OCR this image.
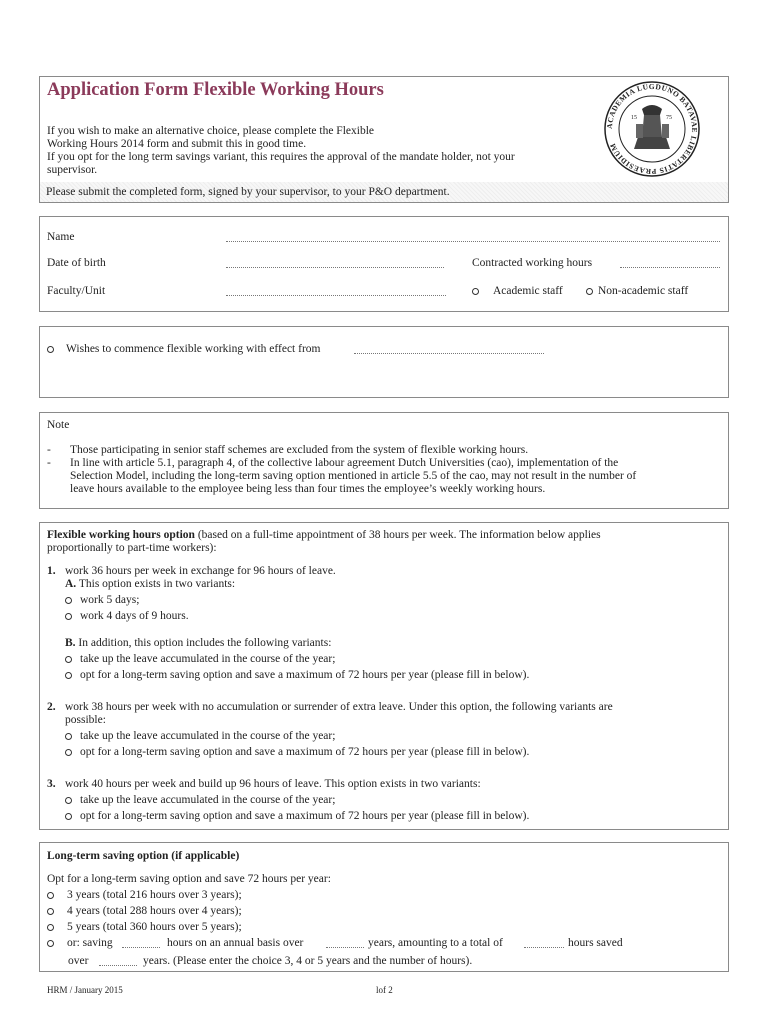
Application Form Flexible Working Hours

If you wish to make an alternative choice, please complete the Flexible

Working Hours 2014 form and submit this in good time.

If you opt for the long term savings variant, this requires the approval of the mandate holder, not your

supervisor.

Please submit the completed form, signed by your supervisor, to your P&O department.
ACADEMIA LUGDUNO BATAVAE LIBERTATIS PRAESIDIUM
15	75
Name
Date of birth	Contracted working hours
Faculty/Unit	Academic staff	Non-academic staff
Wishes to commence flexible working with effect from
Note
- Those participating in senior staff schemes are excluded from the system of flexible working hours.
- In line with article 5.1, paragraph 4, of the collective labour agreement Dutch Universities (cao), implementation of the
Selection Model, including the long-term saving option mentioned in article 5.5 of the cao, may not result in the number of
leave hours available to the employee being less than four times the employee’s weekly working hours.
Flexible working hours option (based on a full-time appointment of 38 hours per week. The information below applies
proportionally to part-time workers):
1. work 36 hours per week in exchange for 96 hours of leave.
A. This option exists in two variants:
work 5 days;
work 4 days of 9 hours.
B. In addition, this option includes the following variants:
take up the leave accumulated in the course of the year;
opt for a long-term saving option and save a maximum of 72 hours per year (please fill in below).
2. work 38 hours per week with no accumulation or surrender of extra leave. Under this option, the following variants are
possible:
take up the leave accumulated in the course of the year;
opt for a long-term saving option and save a maximum of 72 hours per year (please fill in below).
3. work 40 hours per week and build up 96 hours of leave. This option exists in two variants:
take up the leave accumulated in the course of the year;
opt for a long-term saving option and save a maximum of 72 hours per year (please fill in below).
Long-term saving option (if applicable)
Opt for a long-term saving option and save 72 hours per year:
3 years (total 216 hours over 3 years);
4 years (total 288 hours over 4 years);
5 years (total 360 hours over 5 years);
or: saving	hours on an annual basis over	years, amounting to a total of	hours saved
over	years. (Please enter the choice 3, 4 or 5 years and the number of hours).
HRM / January 2015	lof 2
